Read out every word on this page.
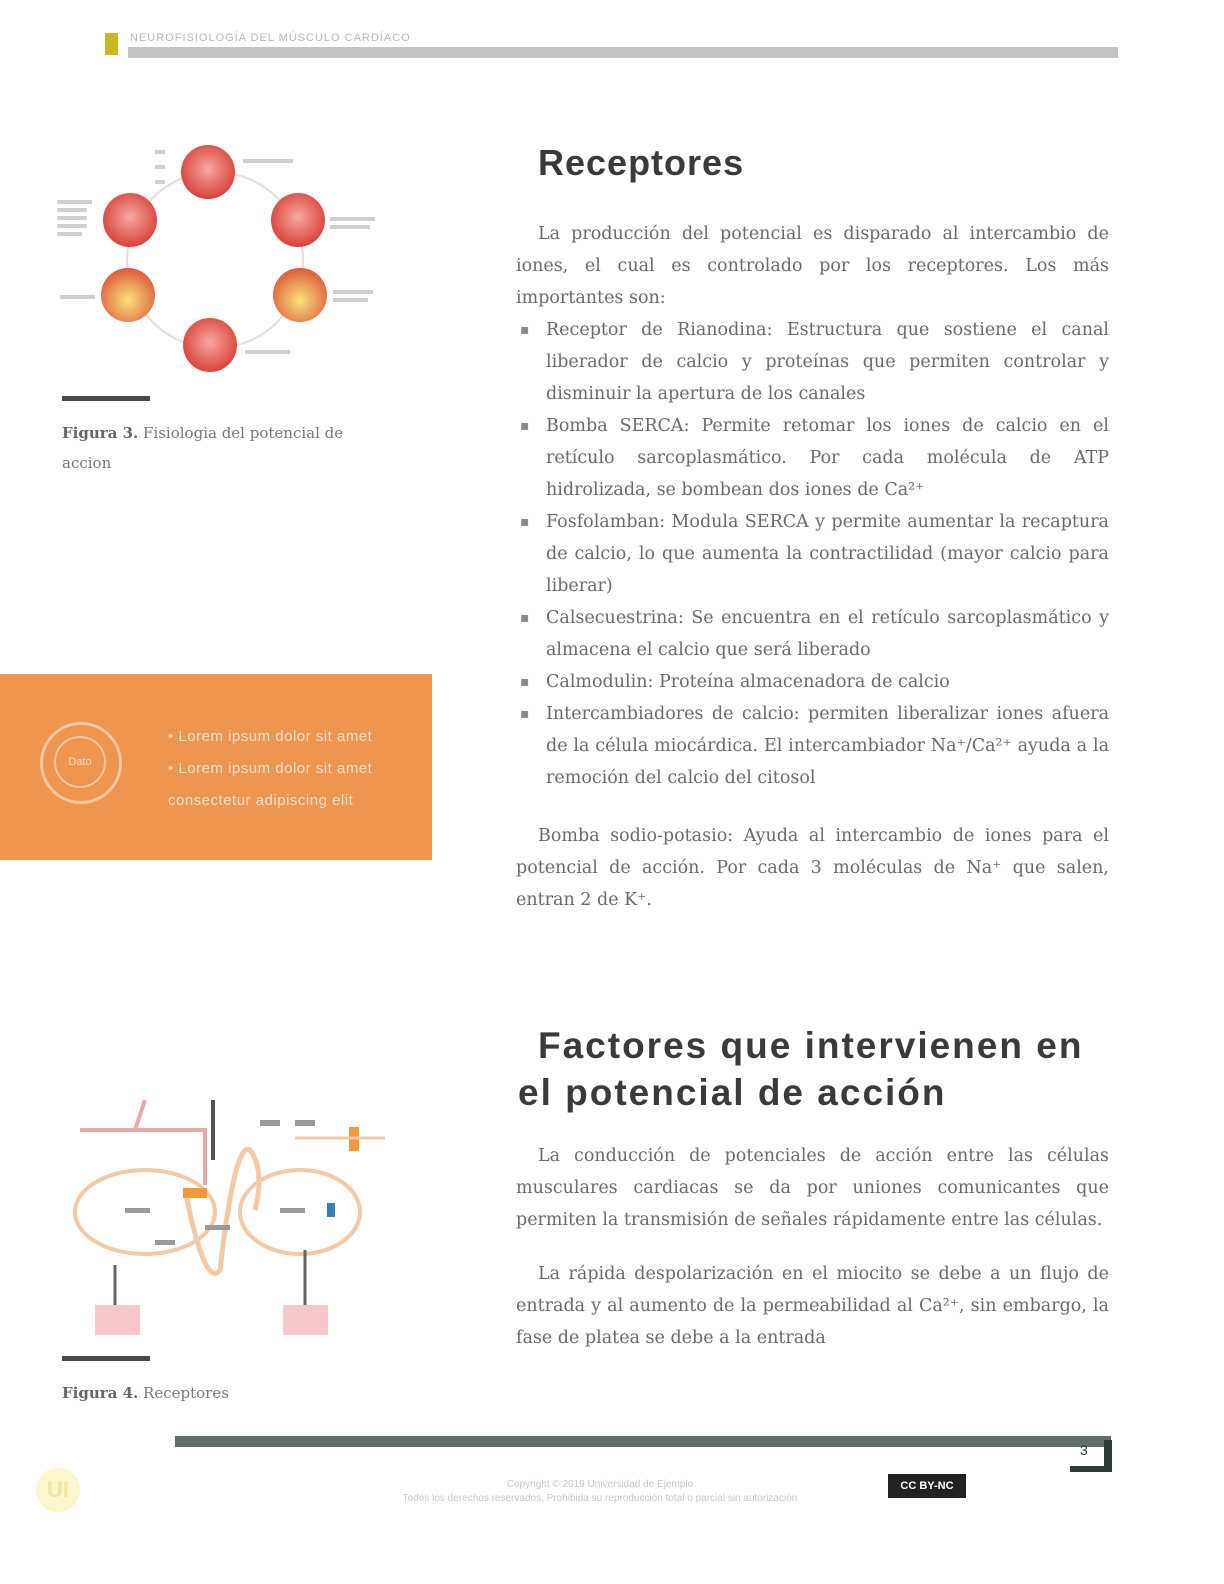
NEUROFISIOLOGÍA DEL MÚSCULO CARDÍACO
Figura 3. Fisiologia del potencial de accion
Dato
• Lorem ipsum dolor sit amet
• Lorem ipsum dolor sit amet
consectetur adipiscing elit
Receptores

La producción del potencial es disparado al intercambio de iones, el cual es controlado por los receptores. Los más importantes son:

▪ Receptor de Rianodina: Estructura que sostiene el canal liberador de calcio y proteínas que permiten controlar y disminuir la apertura de los canales
▪ Bomba SERCA: Permite retomar los iones de calcio en el retículo sarcoplasmático. Por cada molécula de ATP hidrolizada, se bombean dos iones de Ca²⁺
▪ Fosfolamban: Modula SERCA y permite aumentar la recaptura de calcio, lo que aumenta la contractilidad (mayor calcio para liberar)
▪ Calsecuestrina: Se encuentra en el retículo sarcoplasmático y almacena el calcio que será liberado
▪ Calmodulin: Proteína almacenadora de calcio
▪ Intercambiadores de calcio: permiten liberalizar iones afuera de la célula miocárdica. El intercambiador Na⁺/Ca²⁺ ayuda a la remoción del calcio del citosol

Bomba sodio-potasio: Ayuda al intercambio de iones para el potencial de acción. Por cada 3 moléculas de Na⁺ que salen, entran 2 de K⁺.

Factores que intervienen en
el potencial de acción

La conducción de potenciales de acción entre las células musculares cardiacas se da por uniones comunicantes que permiten la transmisión de señales rápidamente entre las células.

La rápida despolarización en el miocito se debe a un flujo de entrada y al aumento de la permeabilidad al Ca²⁺, sin embargo, la fase de platea se debe a la entrada

Figura 4. Receptores
3
UI	Copyright © 2019 Universidad de Ejemplo
Todos los derechos reservados. Prohibida su reproducción total o parcial sin autorización
CC BY-NC
